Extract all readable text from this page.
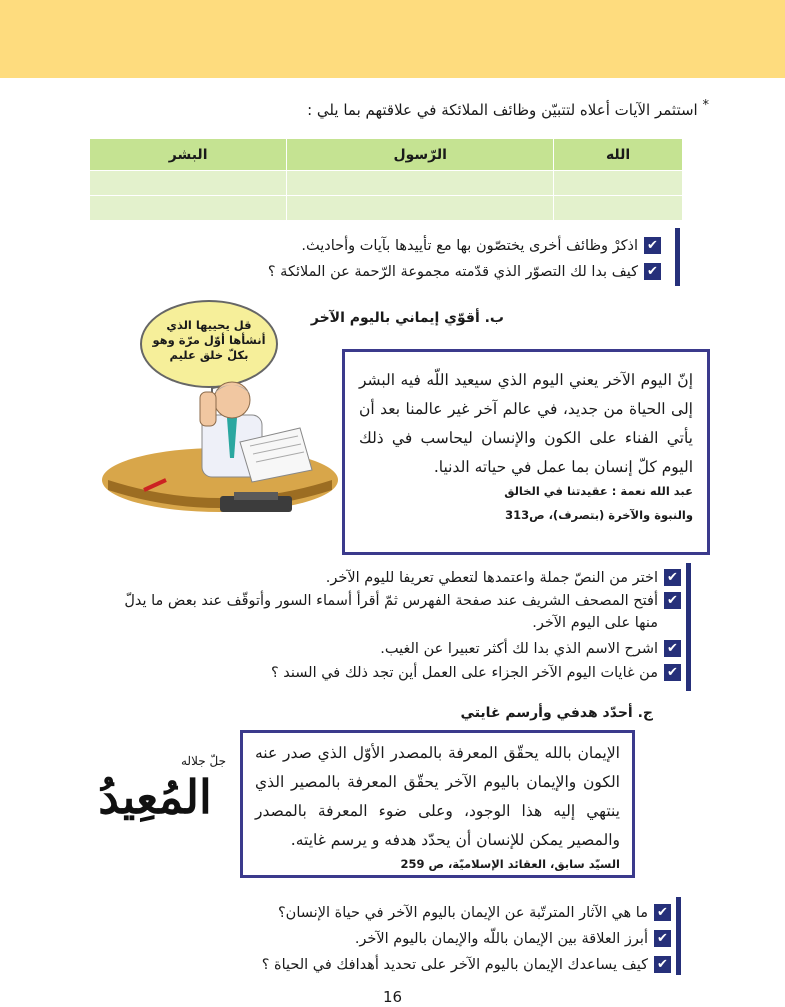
* استثمر الآيات أعلاه لتتبيّن وظائف الملائكة في علاقتهم بما يلي :
الله	الرّسول	البشر

✔
اذكرْ وظائف أخرى يختصّون بها مع تأييدها بآيات وأحاديث.
✔
كيف بدا لك التصوّر الذي قدّمته مجموعة الرّحمة عن الملائكة ؟
ب. أقوّي إيماني باليوم الآخر
قل يحييها الذي
أنشأها أوّل مرّة وهو
بكلّ خلق عليم

إنّ اليوم الآخر يعني اليوم الذي سيعيد اللّه فيه البشر إلى الحياة من جديد، في عالم آخر غير عالمنا بعد أن يأتي الفناء على الكون والإنسان ليحاسب في ذلك اليوم كلّ إنسان بما عمل في حياته الدنيا.

عبد الله نعمة : عقيدتنا في الخالق
والنبوة والآخرة (بتصرف)، ص313
✔
اختر من النصّ جملة واعتمدها لتعطي تعريفا لليوم الآخر.
✔
أفتح المصحف الشريف عند صفحة الفهرس ثمّ أقرأ أسماء السور وأتوقّف عند بعض ما يدلّ
منها على اليوم الآخر.
✔
اشرح الاسم الذي بدا لك أكثر تعبيرا عن الغيب.
✔
من غايات اليوم الآخر الجزاء على العمل أين تجد ذلك في السند ؟
ج. أحدّد هدفي وأرسم غايتي

الإيمان بالله يحقّق المعرفة بالمصدر الأوّل الذي صدر عنه الكون والإيمان باليوم الآخر يحقّق المعرفة بالمصير الذي ينتهي إليه هذا الوجود، وعلى ضوء المعرفة بالمصدر والمصير يمكن للإنسان أن يحدّد هدفه و يرسم غايته.

السيّد سابق، العقائد الإسلاميّة، ص 259
جلّ جلاله
المُعِيدُ
✔
ما هي الآثار المترتّبة عن الإيمان باليوم الآخر في حياة الإنسان؟
✔
أبرز العلاقة بين الإيمان باللّه والإيمان باليوم الآخر.
✔
كيف يساعدك الإيمان باليوم الآخر على تحديد أهدافك في الحياة ؟
16
